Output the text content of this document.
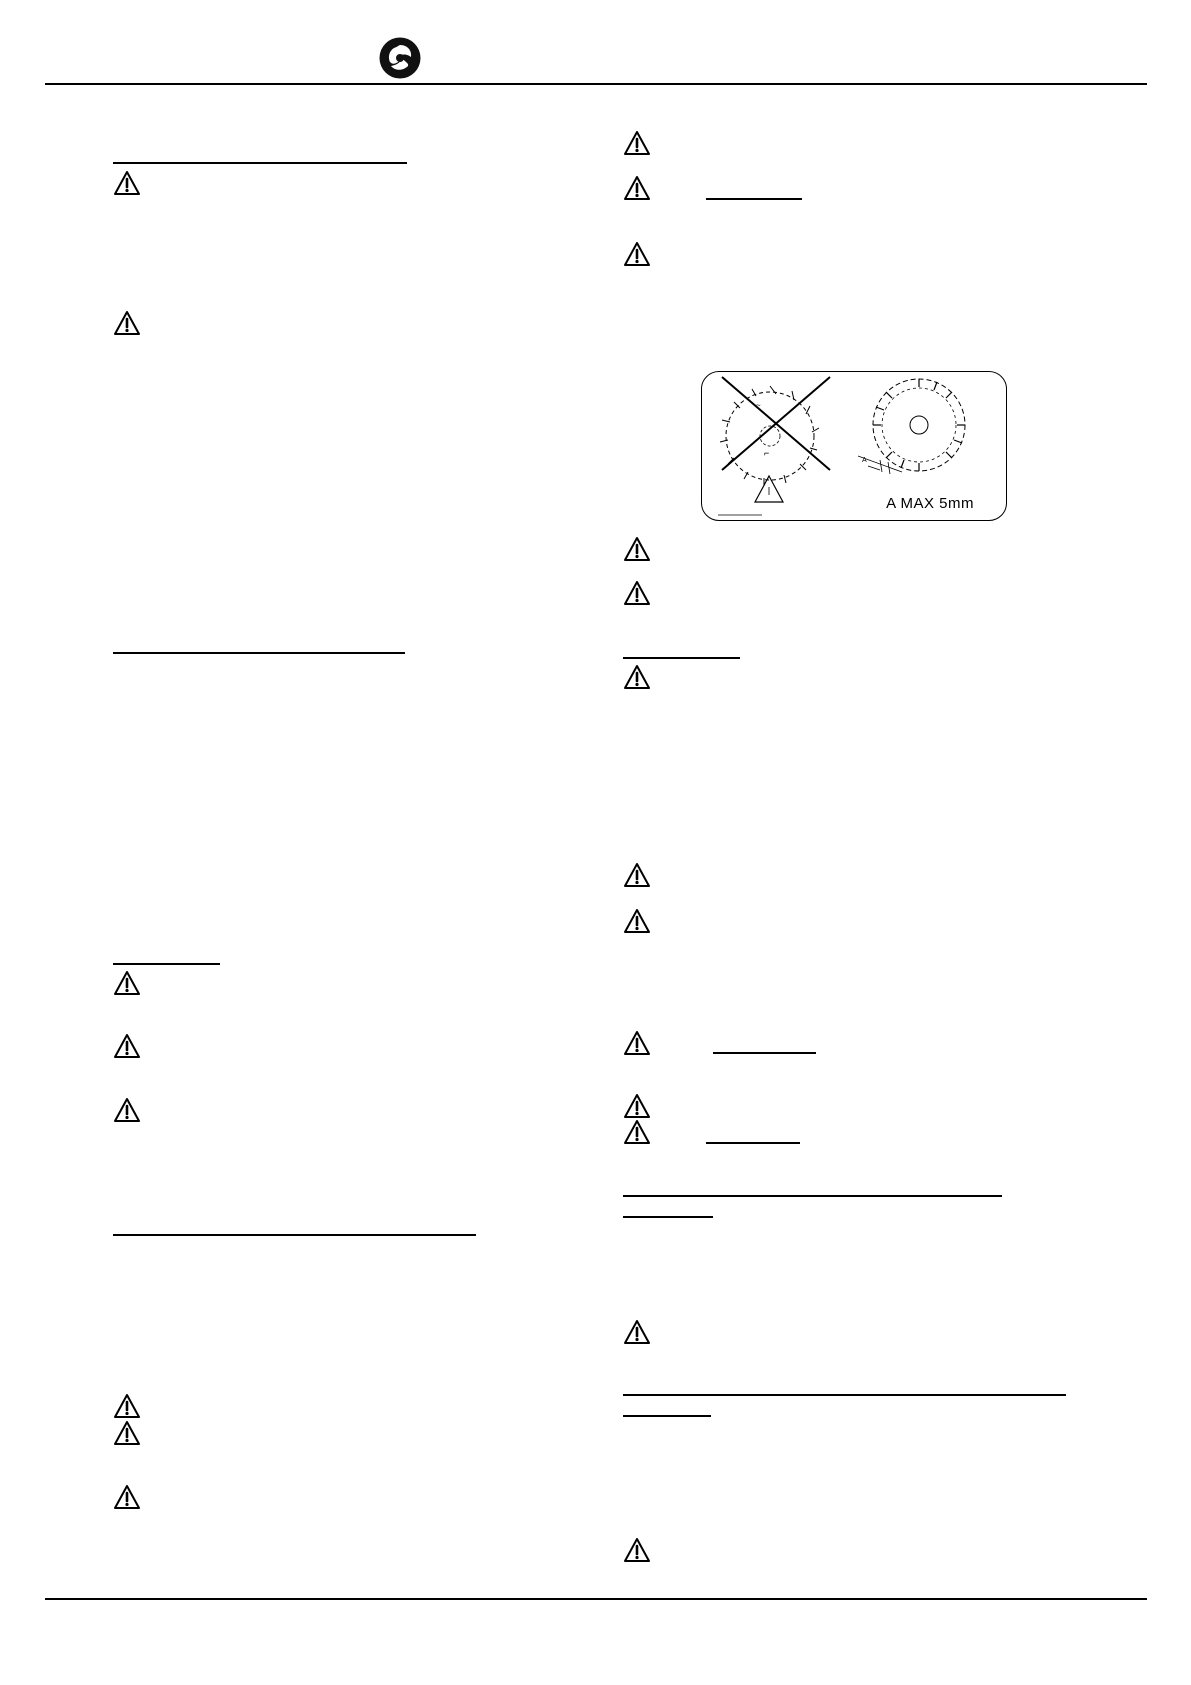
~
⌐
A
A MAX 5mm
